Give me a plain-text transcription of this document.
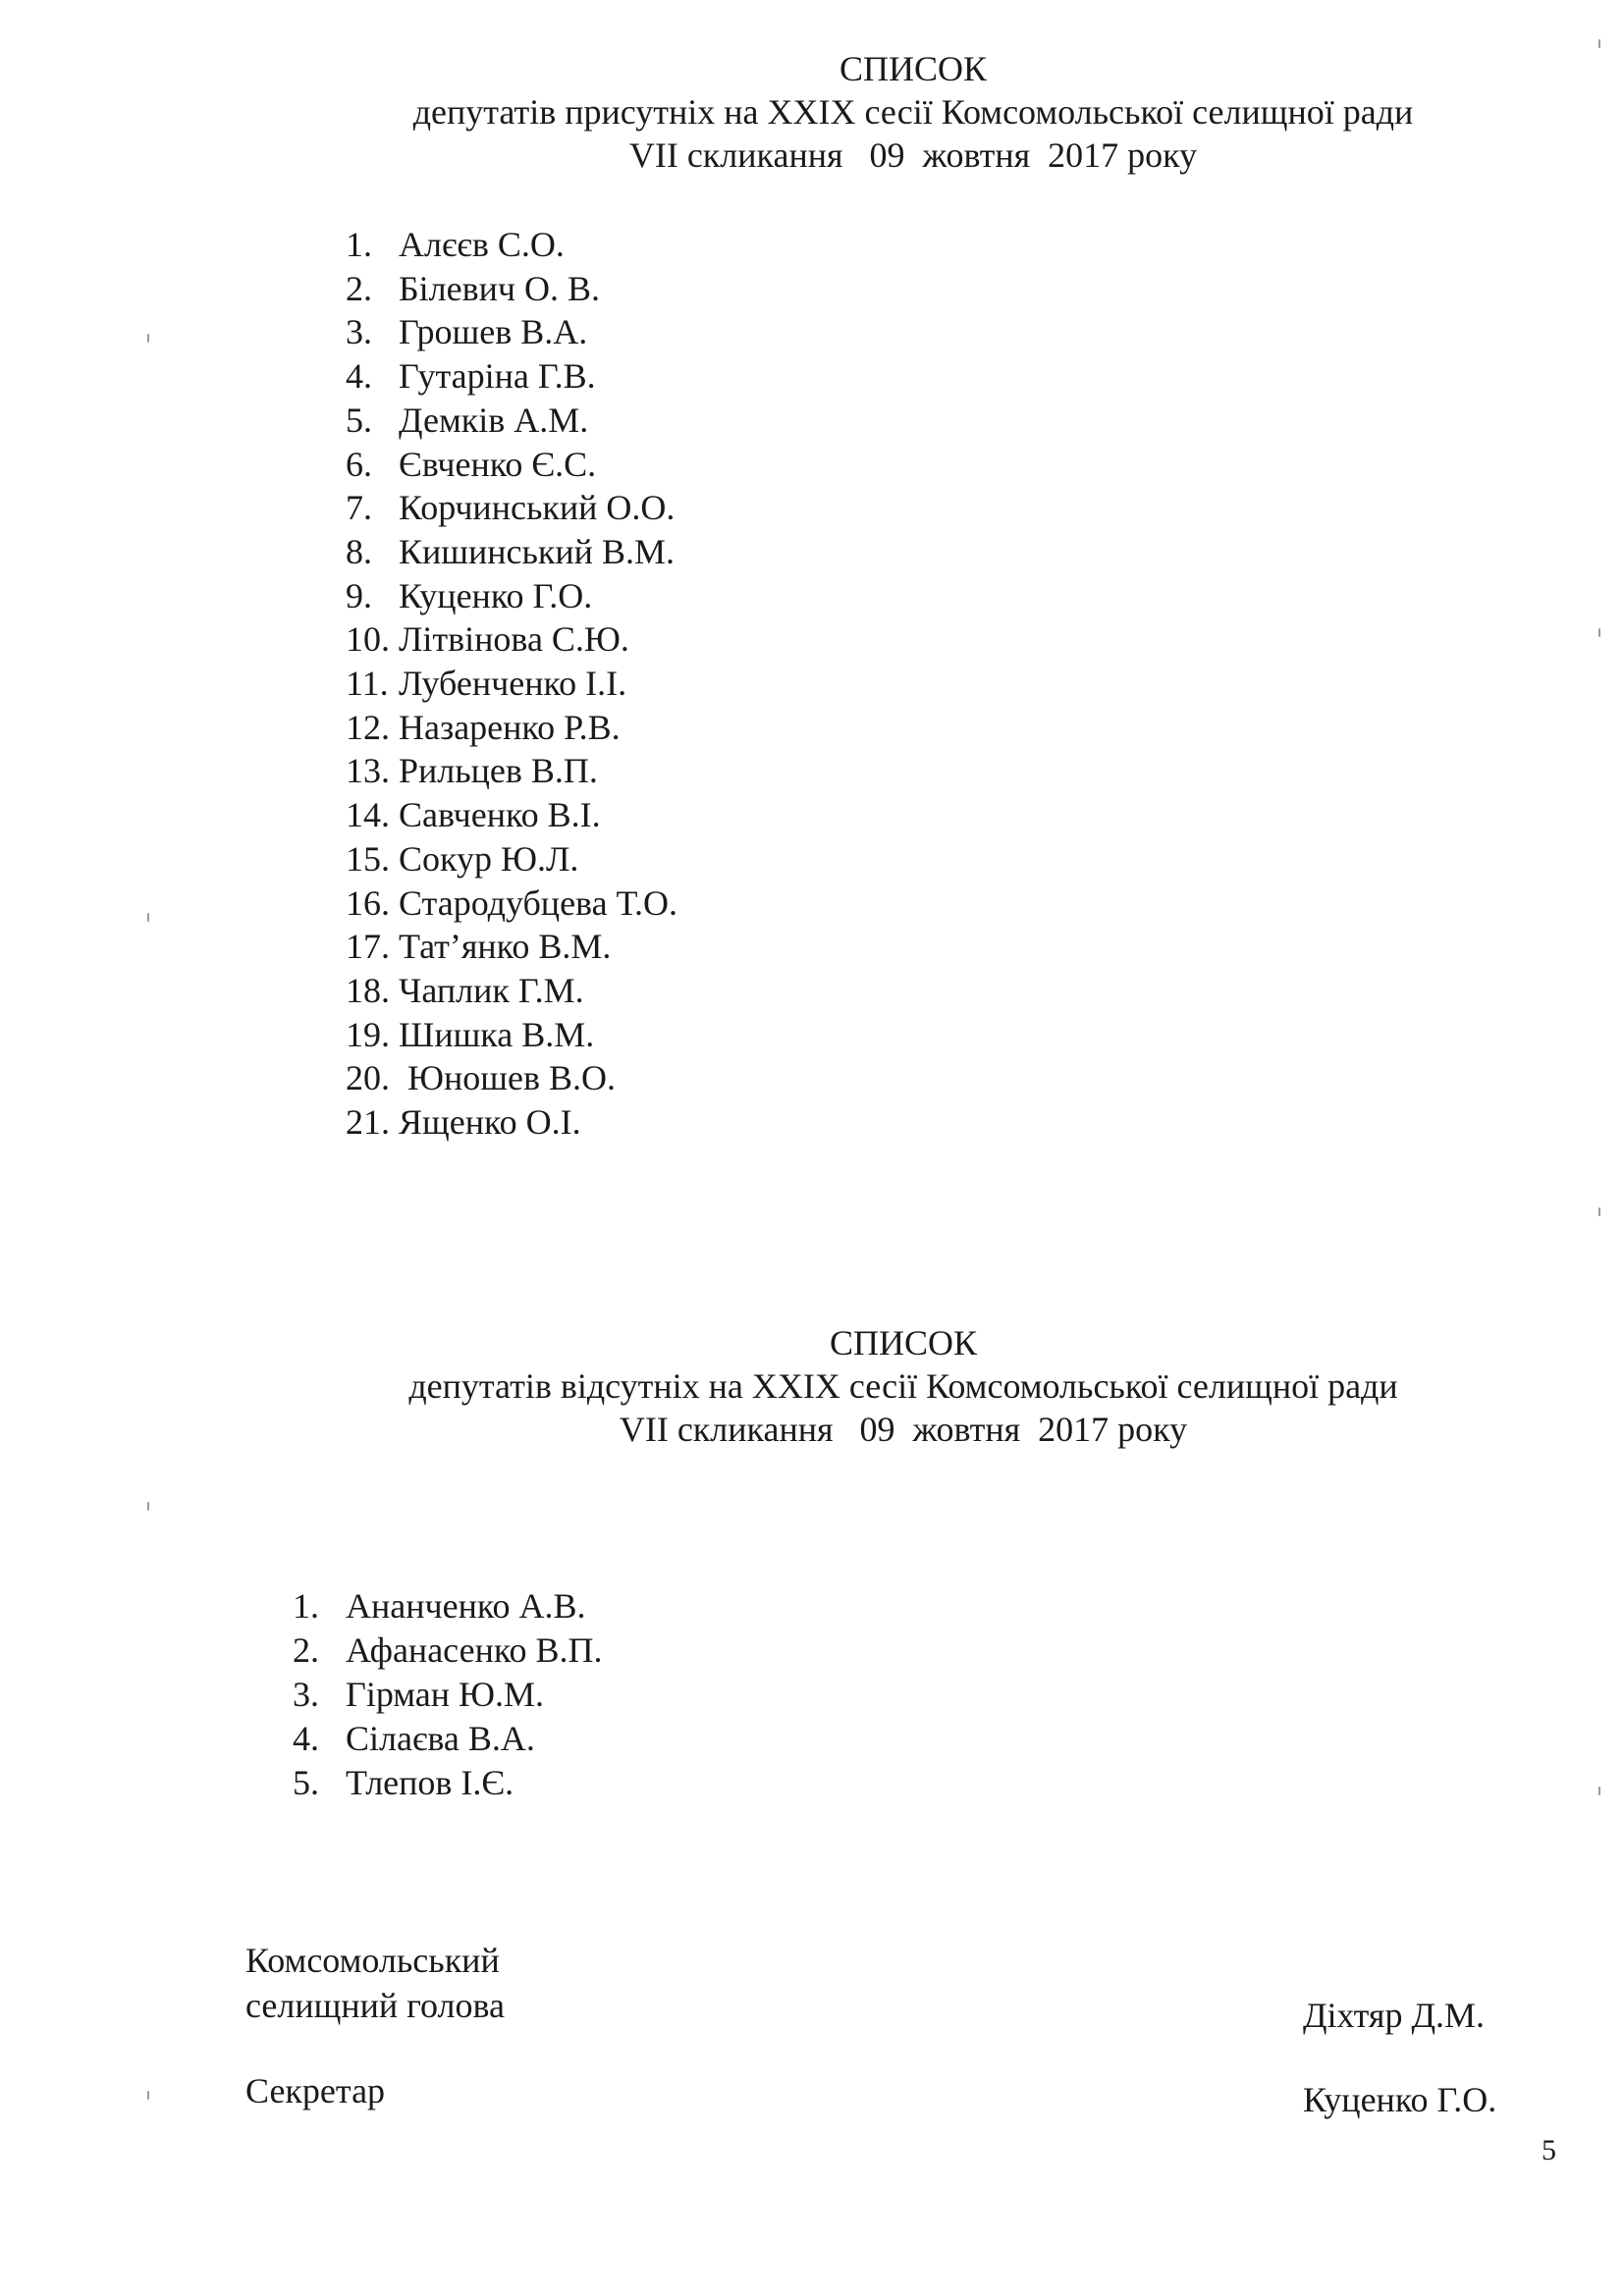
СПИСОК
депутатів присутніх на XXIX сесії Комсомольської селищної ради
VII скликання   09  жовтня  2017 року
1. Алєєв С.О.
2. Білевич О. В.
3. Грошев В.А.
4. Гутаріна Г.В.
5. Демків А.М.
6. Євченко Є.С.
7. Корчинський О.О.
8. Кишинський В.М.
9. Куценко Г.О.
10. Літвінова С.Ю.
11. Лубенченко І.І.
12. Назаренко Р.В.
13. Рильцев В.П.
14. Савченко В.І.
15. Сокур Ю.Л.
16. Стародубцева Т.О.
17. Тат’янко В.М.
18. Чаплик Г.М.
19. Шишка В.М.
20. Юношев В.О.
21. Ященко О.І.
СПИСОК
депутатів відсутніх на XXIX сесії Комсомольської селищної ради
VII скликання   09  жовтня  2017 року
1. Ананченко А.В.
2. Афанасенко В.П.
3. Гірман Ю.М.
4. Сілаєва В.А.
5. Тлепов І.Є.
Комсомольський
селищний голова	Діхтяр Д.М.
Секретар	Куценко Г.О.
5
